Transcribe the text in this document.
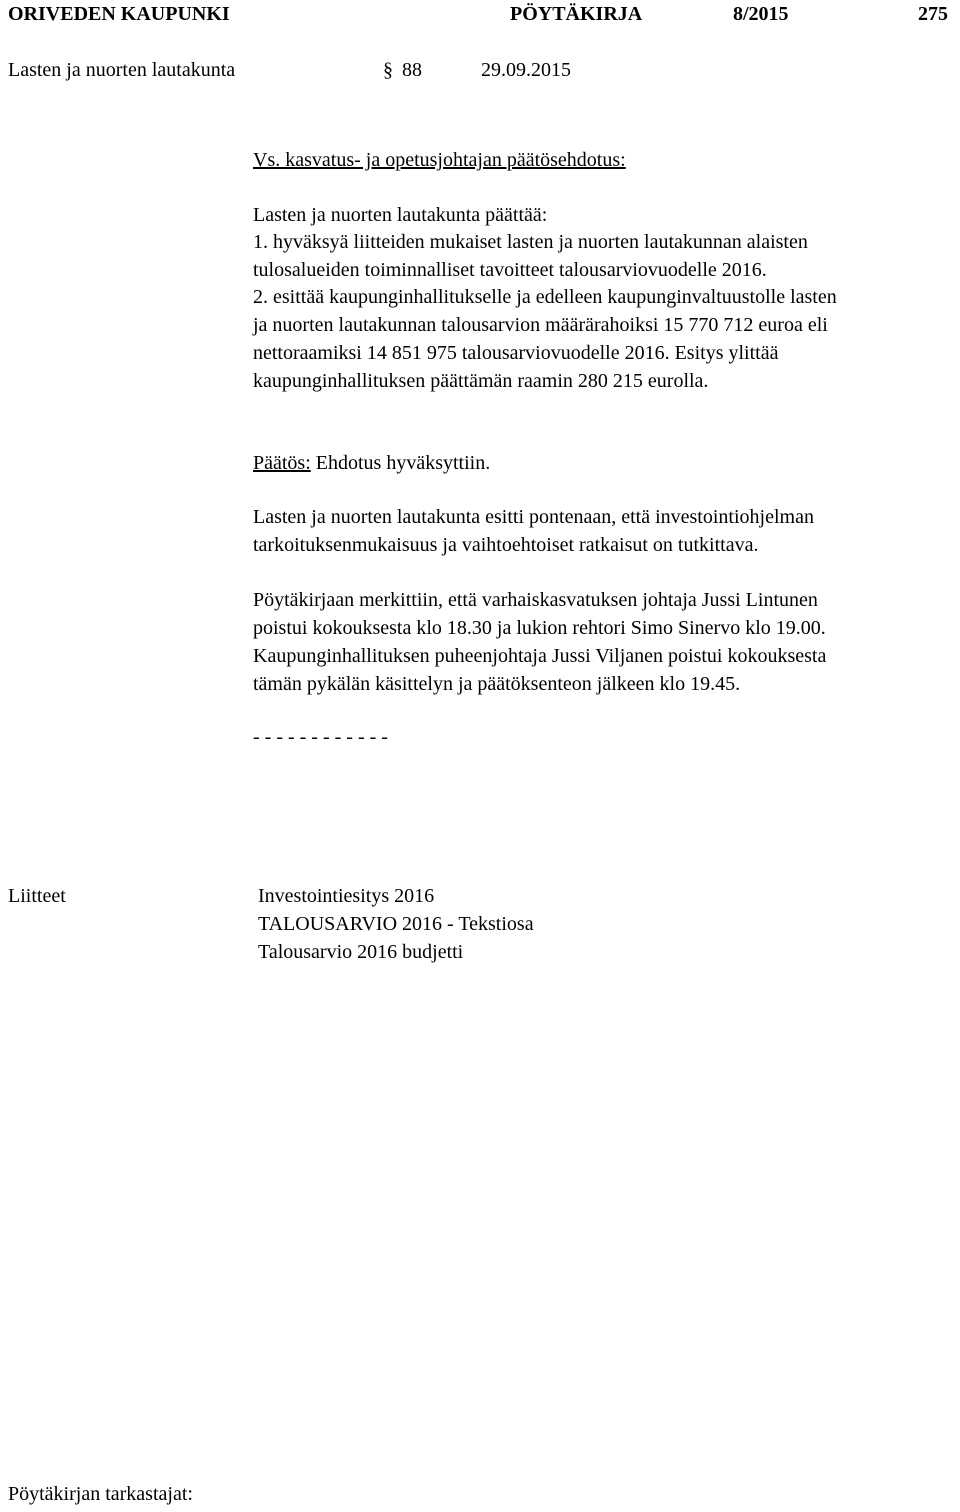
ORIVEDEN KAUPUNKI	PÖYTÄKIRJA	8/2015	275
Lasten ja nuorten lautakunta	§ 88	29.09.2015
Vs. kasvatus- ja opetusjohtajan päätösehdotus:
Lasten ja nuorten lautakunta päättää:
1. hyväksyä liitteiden mukaiset lasten ja nuorten lautakunnan alaisten
tulosalueiden toiminnalliset tavoitteet talousarviovuodelle 2016.
2. esittää kaupunginhallitukselle ja edelleen kaupunginvaltuustolle lasten
ja nuorten lautakunnan talousarvion määrärahoiksi 15 770 712 euroa eli
nettoraamiksi 14 851 975 talousarviovuodelle 2016. Esitys ylittää
kaupunginhallituksen päättämän raamin 280 215 eurolla.
Päätös: Ehdotus hyväksyttiin.
Lasten ja nuorten lautakunta esitti pontenaan, että investointiohjelman
tarkoituksenmukaisuus ja vaihtoehtoiset ratkaisut on tutkittava.
Pöytäkirjaan merkittiin, että varhaiskasvatuksen johtaja Jussi Lintunen
poistui kokouksesta klo 18.30 ja lukion rehtori Simo Sinervo klo 19.00.
Kaupunginhallituksen puheenjohtaja Jussi Viljanen poistui kokouksesta
tämän pykälän käsittelyn ja päätöksenteon jälkeen klo 19.45.
- - - - - - - - - - - -
Liitteet	Investointiesitys 2016
TALOUSARVIO 2016 - Tekstiosa
Talousarvio 2016 budjetti
Pöytäkirjan tarkastajat:
